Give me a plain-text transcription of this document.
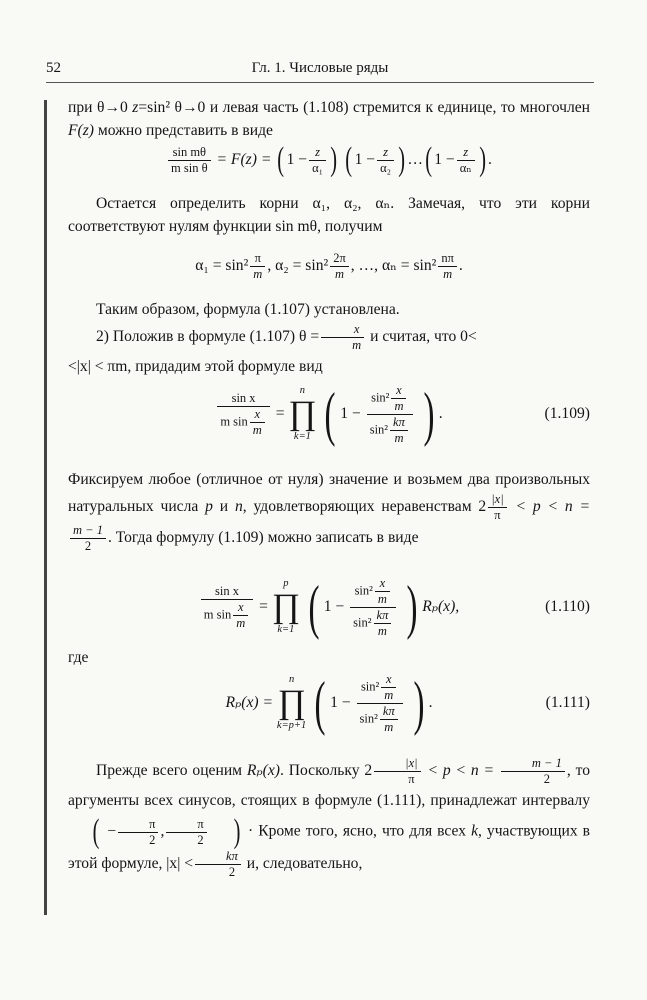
52	Гл. 1. Числовые ряды
при θ→0 z=sin² θ→0 и левая часть (1.108) стремится к единице, то многочлен F(z) можно представить в виде
$\frac{\text{sin mθ}}{\text{m sin θ}} = F(z)$ = ( $1 - \frac{z}{\text{α₁}}$ ) ( $1 - \frac{z}{\text{α₂}}$ ) …( $1 - \frac{z}{\text{αₙ}}$ ) .
Остается определить корни α₁, α₂, αₙ. Замечая, что эти корни соответствуют нулям функции sin mθ, получим
$\alpha_1 = \sin^2 \frac{\pi}{m}$ , $\alpha_2 = \sin^2 \frac{2\pi}{m}$ , …, $\alpha_n = \sin^2 \frac{n\pi}{m}$ .
Таким образом, формула (1.107) установлена.
2) Положив в формуле (1.107) $\theta = \frac{x}{m}$ и считая, что 0<
<|x| < πm, придадим этой формуле вид
$\frac{\text{sin x}}{m \sin \frac{x}{m}}$ =
n
∏
k=1 ( $1 - \frac{\sin^2 \frac{x}{m}}{\sin^2 \frac{k\pi}{m}}$ ) .	(1.109)
Фиксируем любое (отличное от нуля) значение и возьмем два произвольных натуральных числа p и n, удовлетворяющих неравенствам $2 \frac{|x|}{\pi} < p < n$ =
$\frac{m - 1}{2}$ . Тогда формулу (1.109) можно записать в виде
$\frac{\text{sin x}}{m \sin \frac{x}{m}}$ =
p
∏
k=1 ( $1 - \frac{\sin^2 \frac{x}{m}}{\sin^2 \frac{k\pi}{m}}$ ) Rₚ(x),	(1.110)
где
Rₚ(x) =
n
∏
k=p+1 ( $1 - \frac{\sin^2 \frac{x}{m}}{\sin^2 \frac{k\pi}{m}}$ ) .	(1.111)
Прежде всего оценим Rₚ(x). Поскольку $2 \frac{|x|}{\pi} < p < n = \frac{m - 1}{2}$ , то аргументы всех синусов, стоящих в формуле (1.111), принадлежат интервалу ( − $\frac{\pi}{2}$ , $\frac{\pi}{2}$ ) · Кроме того, ясно, что для всех k, участвующих в этой формуле, $|x| < \frac{k\pi}{2} и$, следовательно,
